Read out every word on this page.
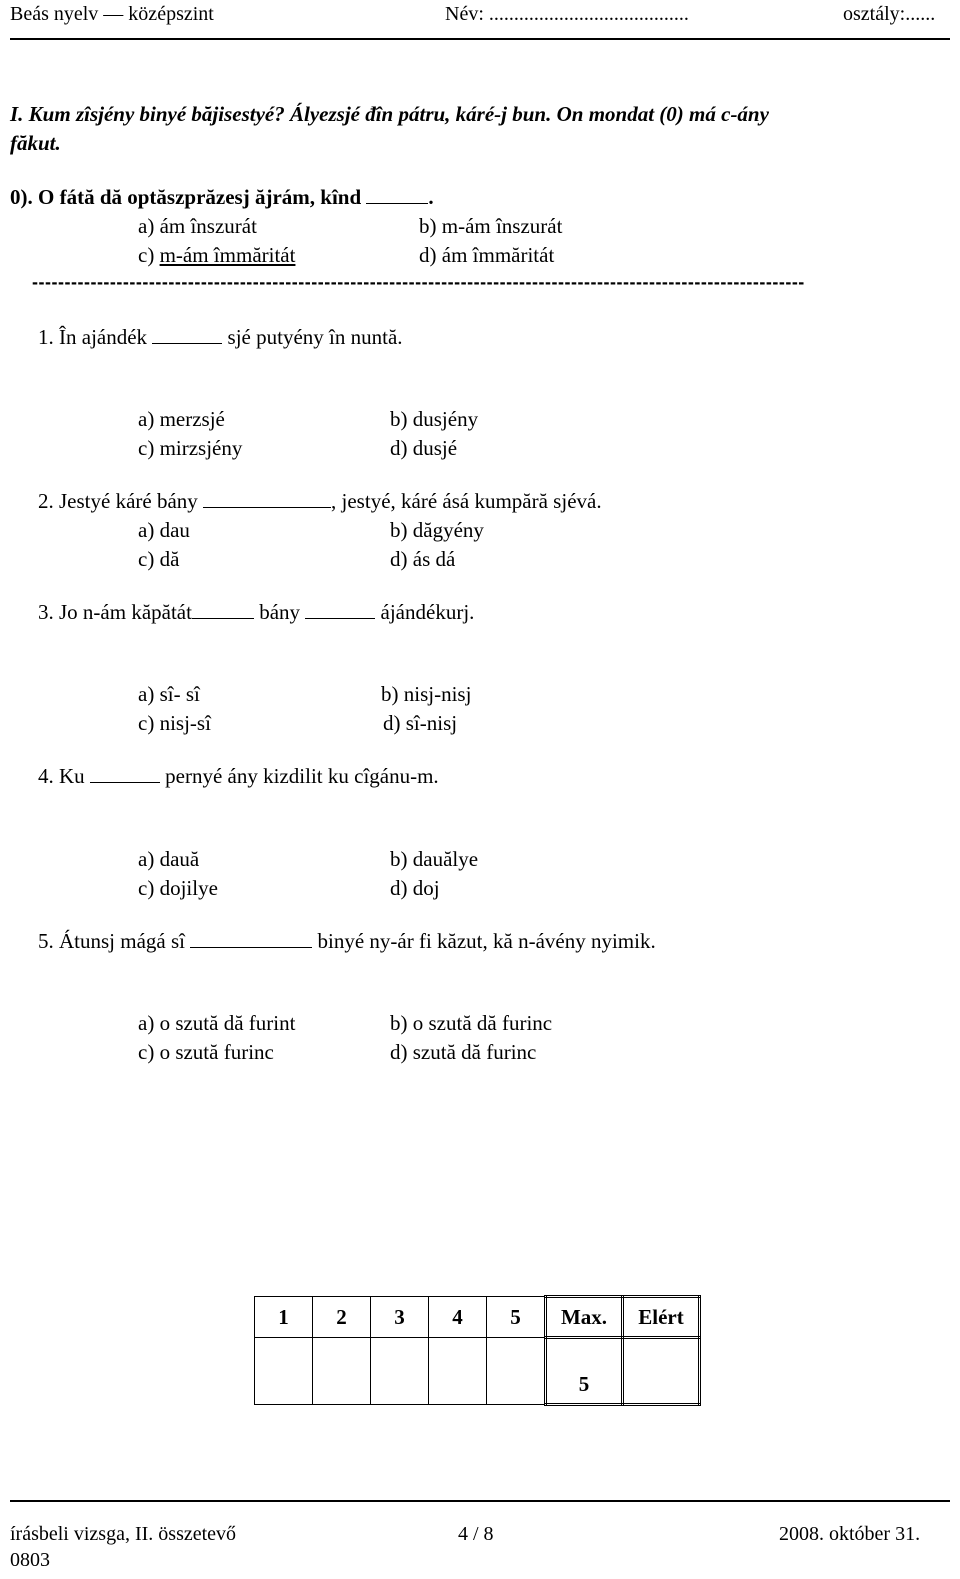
Beás nyelv — középszint	Név: ........................................	osztály:......
I. Kum zîsjény binyé băjisestyé? Ályezsjé đîn pátru, káré-j bun. On mondat (0) má c-ány
făkut.
0). O fátă dă optăszprăzesj ăjrám, kînd	.
a) ám înszurát	b) m-ám înszurát
c) m-ám îmmăritát	d) ám îmmăritát
-----------------------------------------------------------------------------------------------------------------------
1. În ajándék	sjé putyény în nuntă.
a) merzsjé	b) dusjény
c) mirzsjény	d) dusjé
2. Jestyé káré bány	, jestyé, káré ásá kumpără sjévá.
a) dau	b) dăgyény
c) dă	d) ás dá
3. Jo n-ám kăpătát	bány	ájándékurj.
a) sî- sî	b) nisj-nisj
c) nisj-sî	d) sî-nisj
4. Ku	pernyé ány kizdilit ku cîgánu-m.
a) dauă	b) dauălye
c) dojilye	d) doj
5. Átunsj mágá sî	binyé ny-ár fi kăzut, kă n-ávény nyimik.
a) o szută dă furint	b) o szută dă furinc
c) o szută furinc	d) szută dă furinc
1	2	3	4	5	Max.	Elért
					5	
írásbeli vizsga, II. összetevő
0803
4 / 8	2008. október 31.
